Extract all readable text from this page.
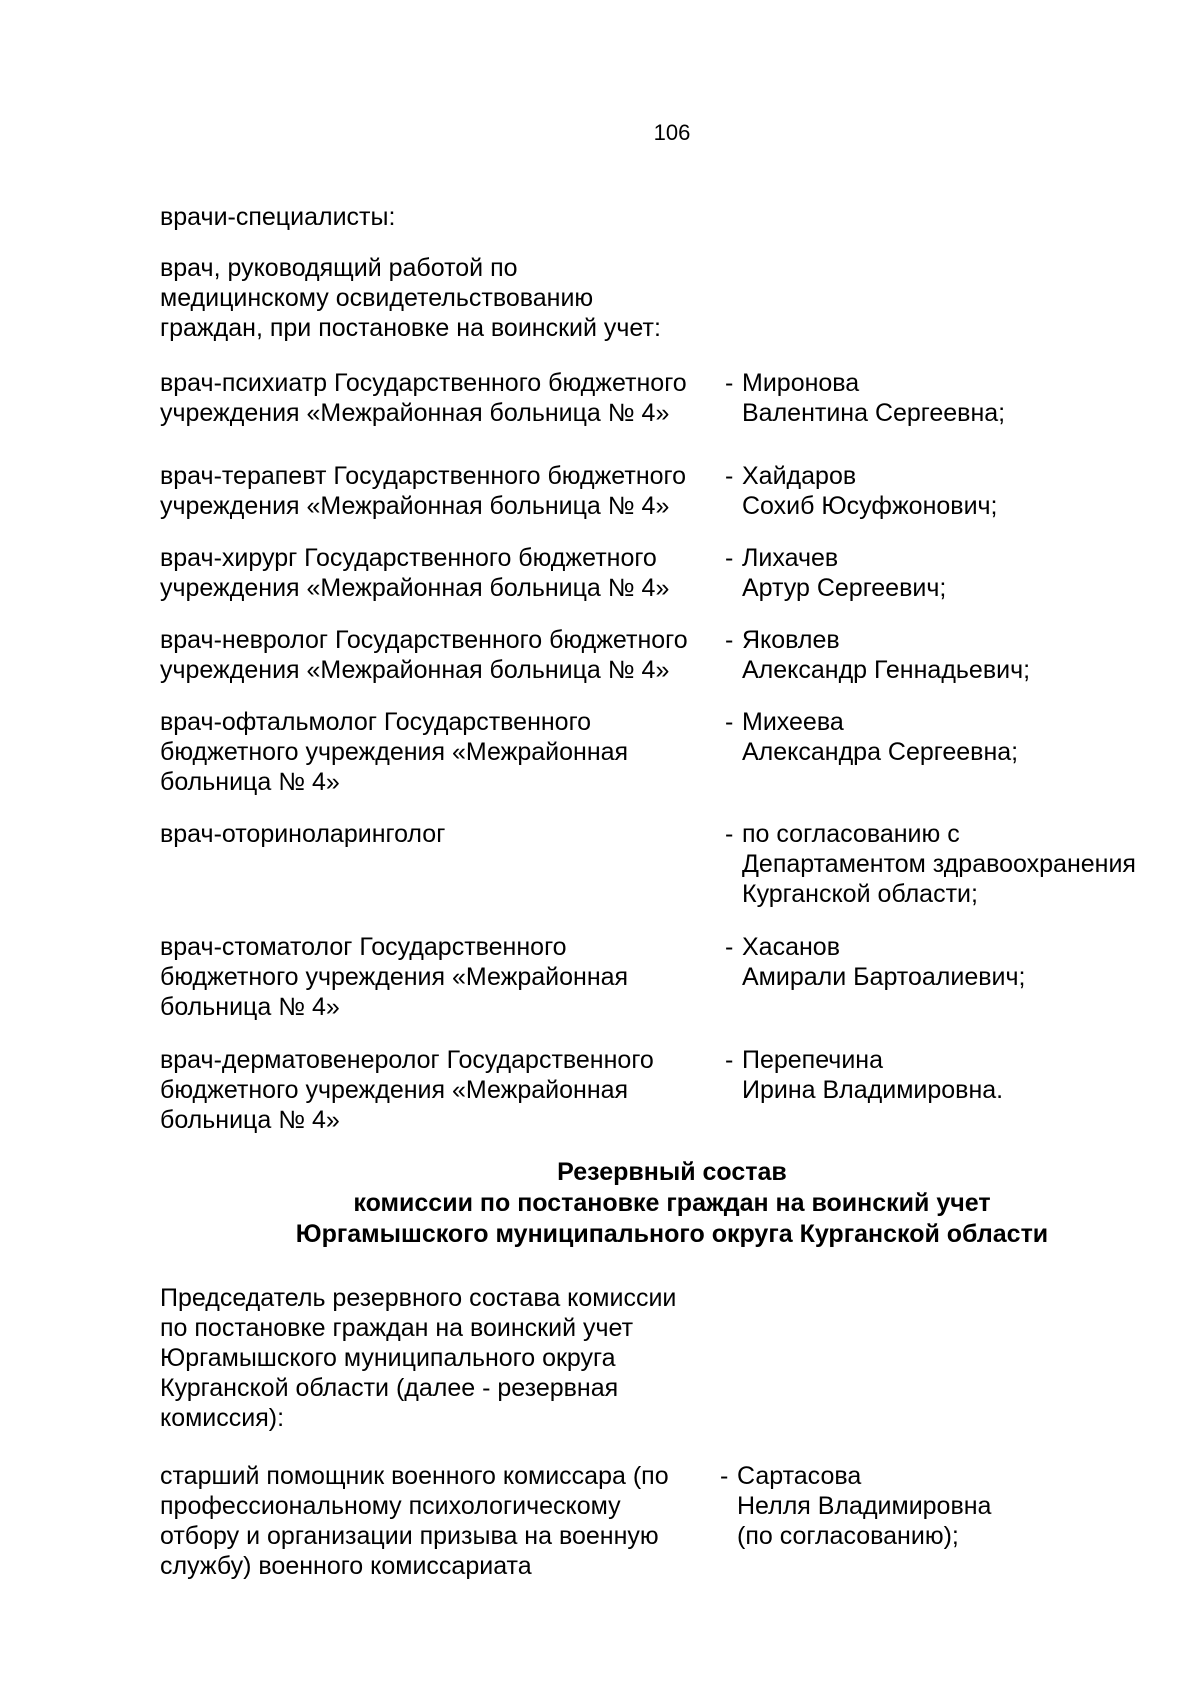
106
врачи-специалисты:
врач, руководящий работой по
медицинскому освидетельствованию
граждан, при постановке на воинский учет:
врач-психиатр Государственного бюджетного
учреждения «Межрайонная больница № 4»
- Миронова
Валентина Сергеевна;
врач-терапевт Государственного бюджетного
учреждения «Межрайонная больница № 4»
- Хайдаров
Сохиб Юсуфжонович;
врач-хирург Государственного бюджетного
учреждения «Межрайонная больница № 4»
- Лихачев
Артур Сергеевич;
врач-невролог Государственного бюджетного
учреждения «Межрайонная больница № 4»
- Яковлев
Александр Геннадьевич;
врач-офтальмолог Государственного
бюджетного учреждения «Межрайонная
больница № 4»
- Михеева
Александра Сергеевна;
врач-оториноларинголог	- по согласованию с
Департаментом здравоохранения
Курганской области;
врач-стоматолог Государственного
бюджетного учреждения «Межрайонная
больница № 4»
- Хасанов
Амирали Бартоалиевич;
врач-дерматовенеролог Государственного
бюджетного учреждения «Межрайонная
больница № 4»
- Перепечина
Ирина Владимировна.
Резервный состав
комиссии по постановке граждан на воинский учет
Юргамышского муниципального округа Курганской области
Председатель резервного состава комиссии
по постановке граждан на воинский учет
Юргамышского муниципального округа
Курганской области (далее - резервная
комиссия):
старший помощник военного комиссара (по
профессиональному психологическому
отбору и организации призыва на военную
службу) военного комиссариата
- Сартасова
Нелля Владимировна
(по согласованию);
